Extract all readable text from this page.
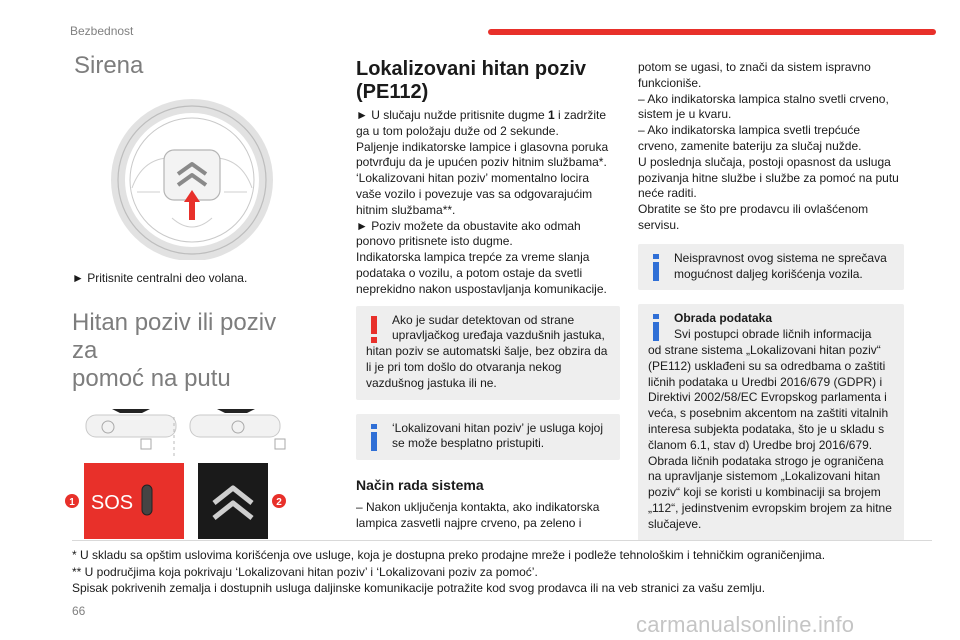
Bezbednost
Sirena
► Pritisnite centralni deo volana.
Hitan poziv ili poziv za
pomoć na putu
1 SOS	2
Lokalizovani hitan poziv
(PE112)

► U slučaju nužde pritisnite dugme 1 i zadržite

ga u tom položaju duže od 2 sekunde.

Paljenje indikatorske lampice i glasovna poruka

potvrđuju da je upućen poziv hitnim službama*.

‘Lokalizovani hitan poziv’ momentalno locira

vaše vozilo i povezuje vas sa odgovarajućim

hitnim službama**.

► Poziv možete da obustavite ako odmah

ponovo pritisnete isto dugme.

Indikatorska lampica trepće za vreme slanja

podataka o vozilu, a potom ostaje da svetli

neprekidno nakon uspostavljanja komunikacije.

Ako je sudar detektovan od strane
upravljačkog uređaja vazdušnih jastuka,
hitan poziv se automatski šalje, bez obzira da
li je pri tom došlo do otvaranja nekog
vazdušnog jastuka ili ne.
‘Lokalizovani hitan poziv’ je usluga kojoj
se može besplatno pristupiti.
Način rada sistema

– Nakon uključenja kontakta, ako indikatorska

lampica zasvetli najpre crveno, pa zeleno i

potom se ugasi, to znači da sistem ispravno

funkcioniše.

– Ako indikatorska lampica stalno svetli crveno,

sistem je u kvaru.

– Ako indikatorska lampica svetli trepćuće

crveno, zamenite bateriju za slučaj nužde.

U poslednja slučaja, postoji opasnost da usluga

pozivanja hitne službe i službe za pomoć na putu

neće raditi.

Obratite se što pre prodavcu ili ovlašćenom

servisu.

Neispravnost ovog sistema ne sprečava
mogućnost daljeg korišćenja vozila.
Obrada podataka
Svi postupci obrade ličnih informacija
od strane sistema „Lokalizovani hitan poziv“
(PE112) usklađeni su sa odredbama o zaštiti
ličnih podataka u Uredbi 2016/679 (GDPR) i
Direktivi 2002/58/EC Evropskog parlamenta i
veća, s posebnim akcentom na zaštiti vitalnih
interesa subjekta podataka, što je u skladu s
članom 6.1, stav d) Uredbe broj 2016/679.
Obrada ličnih podataka strogo je ograničena
na upravljanje sistemom „Lokalizovani hitan
poziv“ koji se koristi u kombinaciji sa brojem
„112“, jedinstvenim evropskim brojem za hitne
slučajeve.

* U skladu sa opštim uslovima korišćenja ove usluge, koja je dostupna preko prodajne mreže i podleže tehnološkim i tehničkim ograničenjima.

** U područjima koja pokrivaju ‘Lokalizovani hitan poziv’ i ‘Lokalizovani poziv za pomoć’.

Spisak pokrivenih zemalja i dostupnih usluga daljinske komunikacije potražite kod svog prodavca ili na veb stranici za vašu zemlju.

66
carmanualsonline.info
